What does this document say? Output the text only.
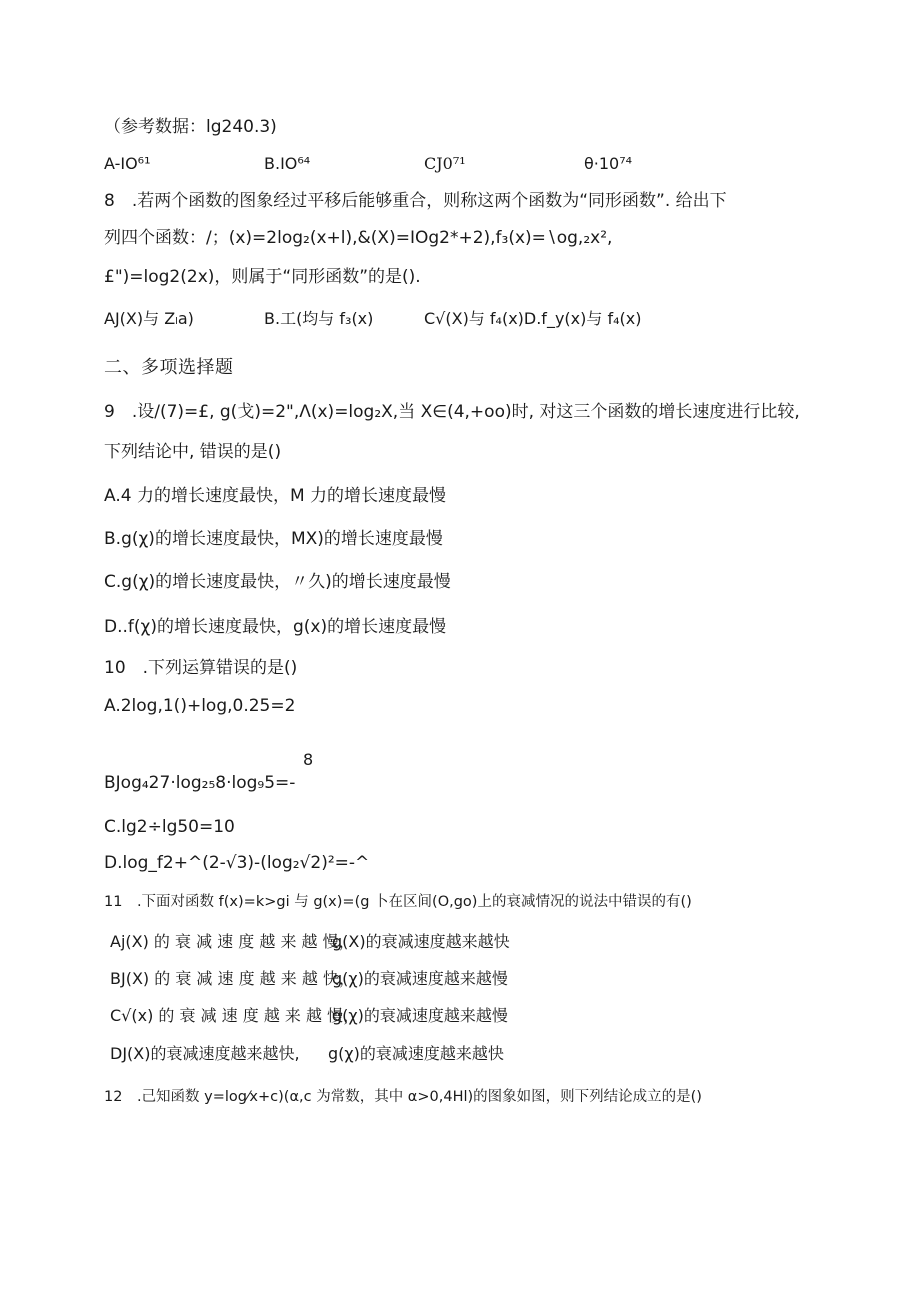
（参考数据：lg240.3)
A-IO⁶¹	B.IO⁶⁴	CJ0⁷¹	θ·10⁷⁴
8　.若两个函数的图象经过平移后能够重合，则称这两个函数为“同形函数”. 给出下
列四个函数：/；(x)=2log₂(x+l),&(X)=IOg2*+2),f₃(x)=∖og,₂x²,
£")=log2(2x)，则属于“同形函数”的是().
AJ(X)与 Zₗa)	B.工(均与 f₃(x)	C√(X)与 f₄(x)D.f_y(x)与 f₄(x)
二、多项选择题
9　.设/(7)=£, g(戈)=2",Λ(x)=log₂X,当 X∈(4,+oo)时, 对这三个函数的增长速度进行比较,
下列结论中, 错误的是()
A.4 力的增长速度最快，M 力的增长速度最慢
B.g(χ)的增长速度最快，MX)的增长速度最慢
C.g(χ)的增长速度最快，〃久)的增长速度最慢
D..f(χ)的增长速度最快，g(x)的增长速度最慢
10　.下列运算错误的是()
A.2log,1()+log,0.25=2
8
BJog₄27·log₂₅8·log₉5=-
C.lg2÷lg50=10
D.log_f2+^(2-√3)-(log₂√2)²=-^
11　.下面对函数 f(x)=k>gi 与 g(x)=(g 卜在区间(O,go)上的衰减情况的说法中错误的有()
Aj(X) 的 衰 减 速 度 越 来 越 慢，
g(X)的衰减速度越来越快
BJ(X) 的 衰 减 速 度 越 来 越 快，
g(χ)的衰减速度越来越慢
C√(x) 的 衰 减 速 度 越 来 越 慢，
g(χ)的衰减速度越来越慢
DJ(X)的衰减速度越来越快, g(χ)的衰减速度越来越快
12　.己知函数 y=log⁄x+c)(α,c 为常数，其中 α>0,4Hl)的图象如图，则下列结论成立的是()
